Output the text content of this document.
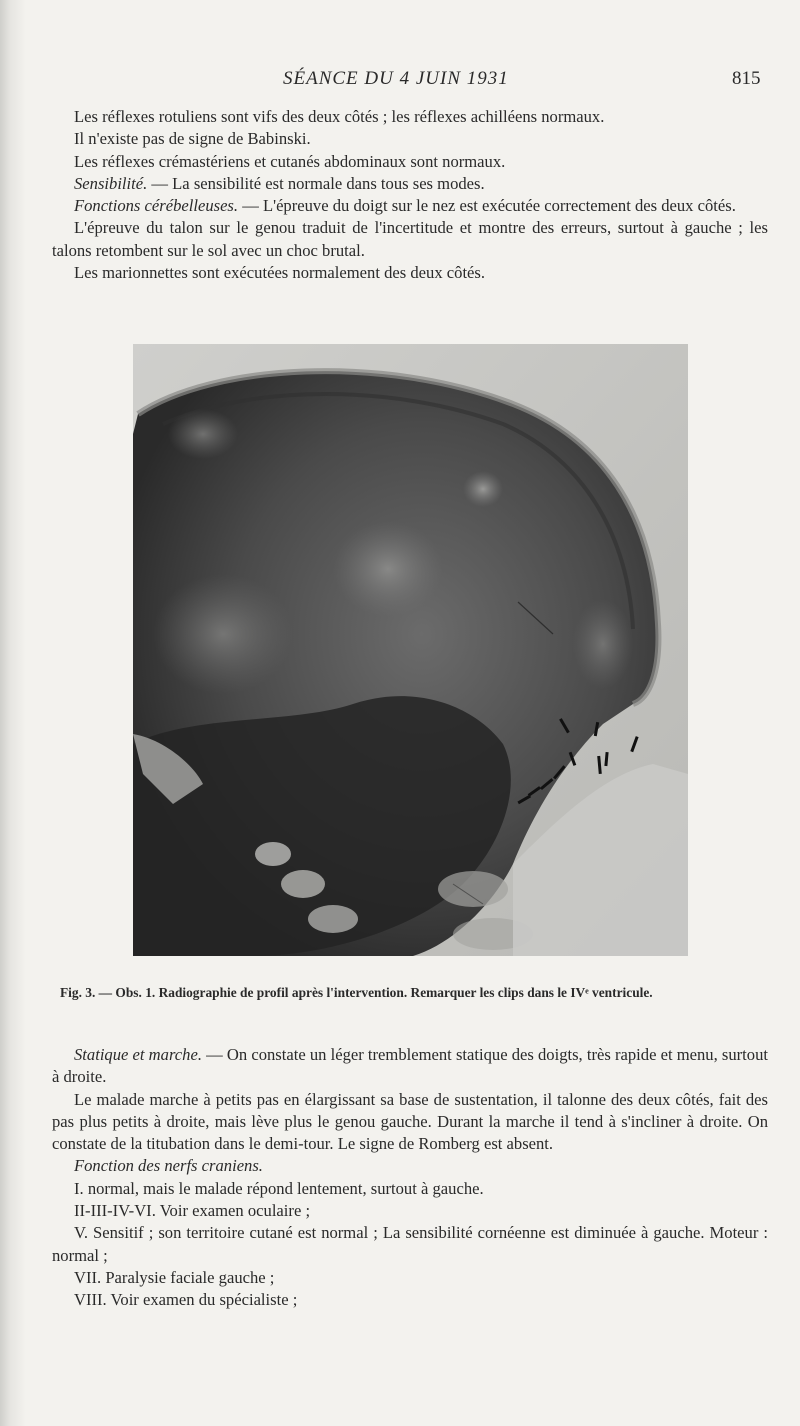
SÉANCE DU 4 JUIN 1931	815

Les réflexes rotuliens sont vifs des deux côtés ; les réflexes achilléens normaux.

Il n'existe pas de signe de Babinski.

Les réflexes crémastériens et cutanés abdominaux sont normaux.

Sensibilité. — La sensibilité est normale dans tous ses modes.

Fonctions cérébelleuses. — L'épreuve du doigt sur le nez est exécutée correctement des deux côtés.

L'épreuve du talon sur le genou traduit de l'incertitude et montre des erreurs, surtout à gauche ; les talons retombent sur le sol avec un choc brutal.

Les marionnettes sont exécutées normalement des deux côtés.

Fig. 3. — Obs. 1. Radiographie de profil après l'intervention. Remarquer les clips dans le IVᵉ ventricule.

Statique et marche. — On constate un léger tremblement statique des doigts, très rapide et menu, surtout à droite.

Le malade marche à petits pas en élargissant sa base de sustentation, il talonne des deux côtés, fait des pas plus petits à droite, mais lève plus le genou gauche. Durant la marche il tend à s'incliner à droite. On constate de la titubation dans le demi-tour. Le signe de Romberg est absent.

Fonction des nerfs craniens.

I. normal, mais le malade répond lentement, surtout à gauche.

II-III-IV-VI. Voir examen oculaire ;

V. Sensitif ; son territoire cutané est normal ; La sensibilité cornéenne est diminuée à gauche. Moteur : normal ;

VII. Paralysie faciale gauche ;

VIII. Voir examen du spécialiste ;
